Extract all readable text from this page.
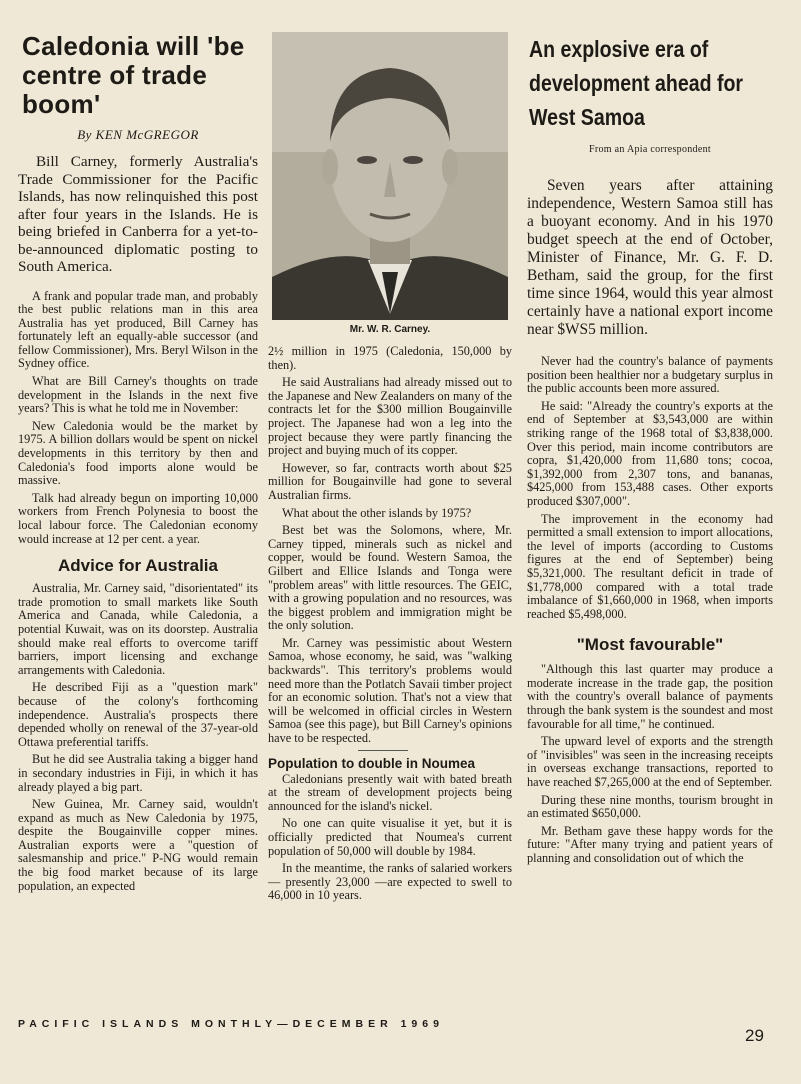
Caledonia will 'be centre of trade boom'

By KEN McGREGOR

Bill Carney, formerly Australia's Trade Commissioner for the Pacific Islands, has now relinquished this post after four years in the Islands. He is being briefed in Canberra for a yet-to-be-announced diplomatic posting to South America.

A frank and popular trade man, and probably the best public relations man in this area Australia has yet produced, Bill Carney has fortunately left an equally-able successor (and fellow Commissioner), Mrs. Beryl Wilson in the Sydney office.

What are Bill Carney's thoughts on trade development in the Islands in the next five years? This is what he told me in November:

New Caledonia would be the market by 1975. A billion dollars would be spent on nickel developments in this territory by then and Caledonia's food imports alone would be massive.

Talk had already begun on importing 10,000 workers from French Polynesia to boost the local labour force. The Caledonian economy would increase at 12 per cent. a year.

Advice for Australia

Australia, Mr. Carney said, "disorientated" its trade promotion to small markets like South America and Canada, while Caledonia, a potential Kuwait, was on its doorstep. Australia should make real efforts to overcome tariff barriers, import licensing and exchange arrangements with Caledonia.

He described Fiji as a "question mark" because of the colony's forthcoming independence. Australia's prospects there depended wholly on renewal of the 37-year-old Ottawa preferential tariffs.

But he did see Australia taking a bigger hand in secondary industries in Fiji, in which it has already played a big part.

New Guinea, Mr. Carney said, wouldn't expand as much as New Caledonia by 1975, despite the Bougainville copper mines. Australian exports were a "question of salesmanship and price." P-NG would remain the big food market because of its large population, an expected

Mr. W. R. Carney.

2½ million in 1975 (Caledonia, 150,000 by then).

He said Australians had already missed out to the Japanese and New Zealanders on many of the contracts let for the $300 million Bougainville project. The Japanese had won a leg into the project because they were partly financing the project and buying much of its copper.

However, so far, contracts worth about $25 million for Bougainville had gone to several Australian firms.

What about the other islands by 1975?

Best bet was the Solomons, where, Mr. Carney tipped, minerals such as nickel and copper, would be found. Western Samoa, the Gilbert and Ellice Islands and Tonga were "problem areas" with little resources. The GEIC, with a growing population and no resources, was the biggest problem and immigration might be the only solution.

Mr. Carney was pessimistic about Western Samoa, whose economy, he said, was "walking backwards". This territory's problems would need more than the Potlatch Savaii timber project for an economic solution. That's not a view that will be welcomed in official circles in Western Samoa (see this page), but Bill Carney's opinions have to be respected.

Population to double in Noumea

Caledonians presently wait with bated breath at the stream of development projects being announced for the island's nickel.

No one can quite visualise it yet, but it is officially predicted that Noumea's current population of 50,000 will double by 1984.

In the meantime, the ranks of salaried workers — presently 23,000 —are expected to swell to 46,000 in 10 years.

An explosive era of development ahead for West Samoa

From an Apia correspondent

Seven years after attaining independence, Western Samoa still has a buoyant economy. And in his 1970 budget speech at the end of October, Minister of Finance, Mr. G. F. D. Betham, said the group, for the first time since 1964, would this year almost certainly have a national export income near $WS5 million.

Never had the country's balance of payments position been healthier nor a budgetary surplus in the public accounts been more assured.

He said: "Already the country's exports at the end of September at $3,543,000 are within striking range of the 1968 total of $3,838,000. Over this period, main income contributors are copra, $1,420,000 from 11,680 tons; cocoa, $1,392,000 from 2,307 tons, and bananas, $425,000 from 153,488 cases. Other exports produced $307,000".

The improvement in the economy had permitted a small extension to import allocations, the level of imports (according to Customs figures at the end of September) being $5,321,000. The resultant deficit in trade of $1,778,000 compared with a total trade imbalance of $1,660,000 in 1968, when imports reached $5,498,000.

"Most favourable"

"Although this last quarter may produce a moderate increase in the trade gap, the position with the country's overall balance of payments through the bank system is the soundest and most favourable for all time," he continued.

The upward level of exports and the strength of "invisibles" was seen in the increasing receipts in overseas exchange transactions, reported to have reached $7,265,000 at the end of September.

During these nine months, tourism brought in an estimated $650,000.

Mr. Betham gave these happy words for the future: "After many trying and patient years of planning and consolidation out of which the

PACIFIC ISLANDS MONTHLY—DECEMBER 1969
29
